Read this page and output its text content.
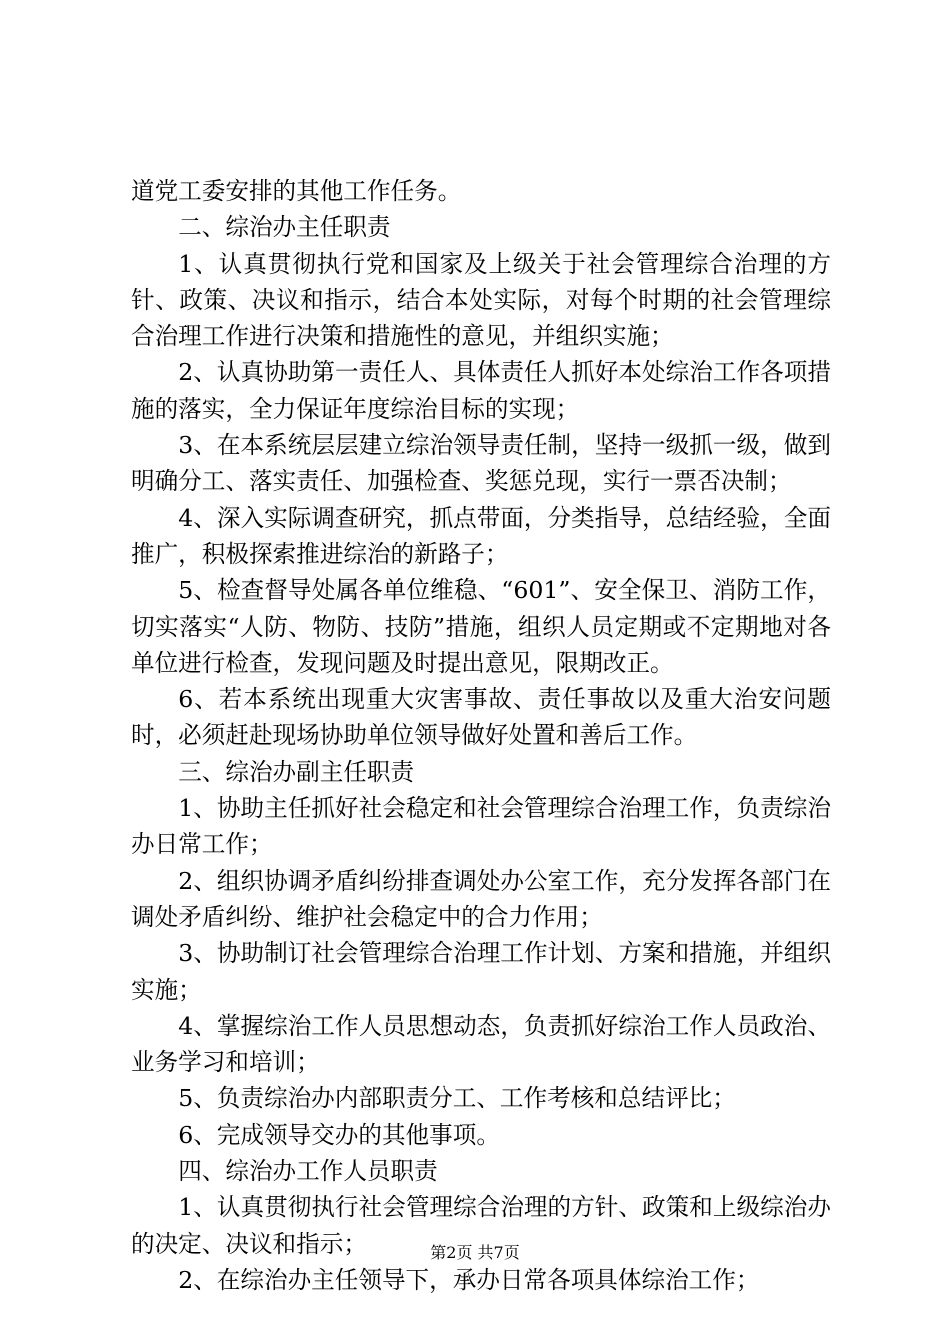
道党工委安排的其他工作任务。

二、综治办主任职责

1、认真贯彻执行党和国家及上级关于社会管理综合治理的方针、政策、决议和指示，结合本处实际，对每个时期的社会管理综合治理工作进行决策和措施性的意见，并组织实施；

2、认真协助第一责任人、具体责任人抓好本处综治工作各项措施的落实，全力保证年度综治目标的实现；

3、在本系统层层建立综治领导责任制，坚持一级抓一级，做到明确分工、落实责任、加强检查、奖惩兑现，实行一票否决制；

4、深入实际调查研究，抓点带面，分类指导，总结经验，全面推广，积极探索推进综治的新路子；

5、检查督导处属各单位维稳、“601”、安全保卫、消防工作，切实落实“人防、物防、技防”措施，组织人员定期或不定期地对各单位进行检查，发现问题及时提出意见，限期改正。

6、若本系统出现重大灾害事故、责任事故以及重大治安问题时，必须赶赴现场协助单位领导做好处置和善后工作。

三、综治办副主任职责

1、协助主任抓好社会稳定和社会管理综合治理工作，负责综治办日常工作；

2、组织协调矛盾纠纷排查调处办公室工作，充分发挥各部门在调处矛盾纠纷、维护社会稳定中的合力作用；

3、协助制订社会管理综合治理工作计划、方案和措施，并组织实施；

4、掌握综治工作人员思想动态，负责抓好综治工作人员政治、业务学习和培训；

5、负责综治办内部职责分工、工作考核和总结评比；

6、完成领导交办的其他事项。

四、综治办工作人员职责

1、认真贯彻执行社会管理综合治理的方针、政策和上级综治办的决定、决议和指示；

2、在综治办主任领导下，承办日常各项具体综治工作；

第2页 共7页
